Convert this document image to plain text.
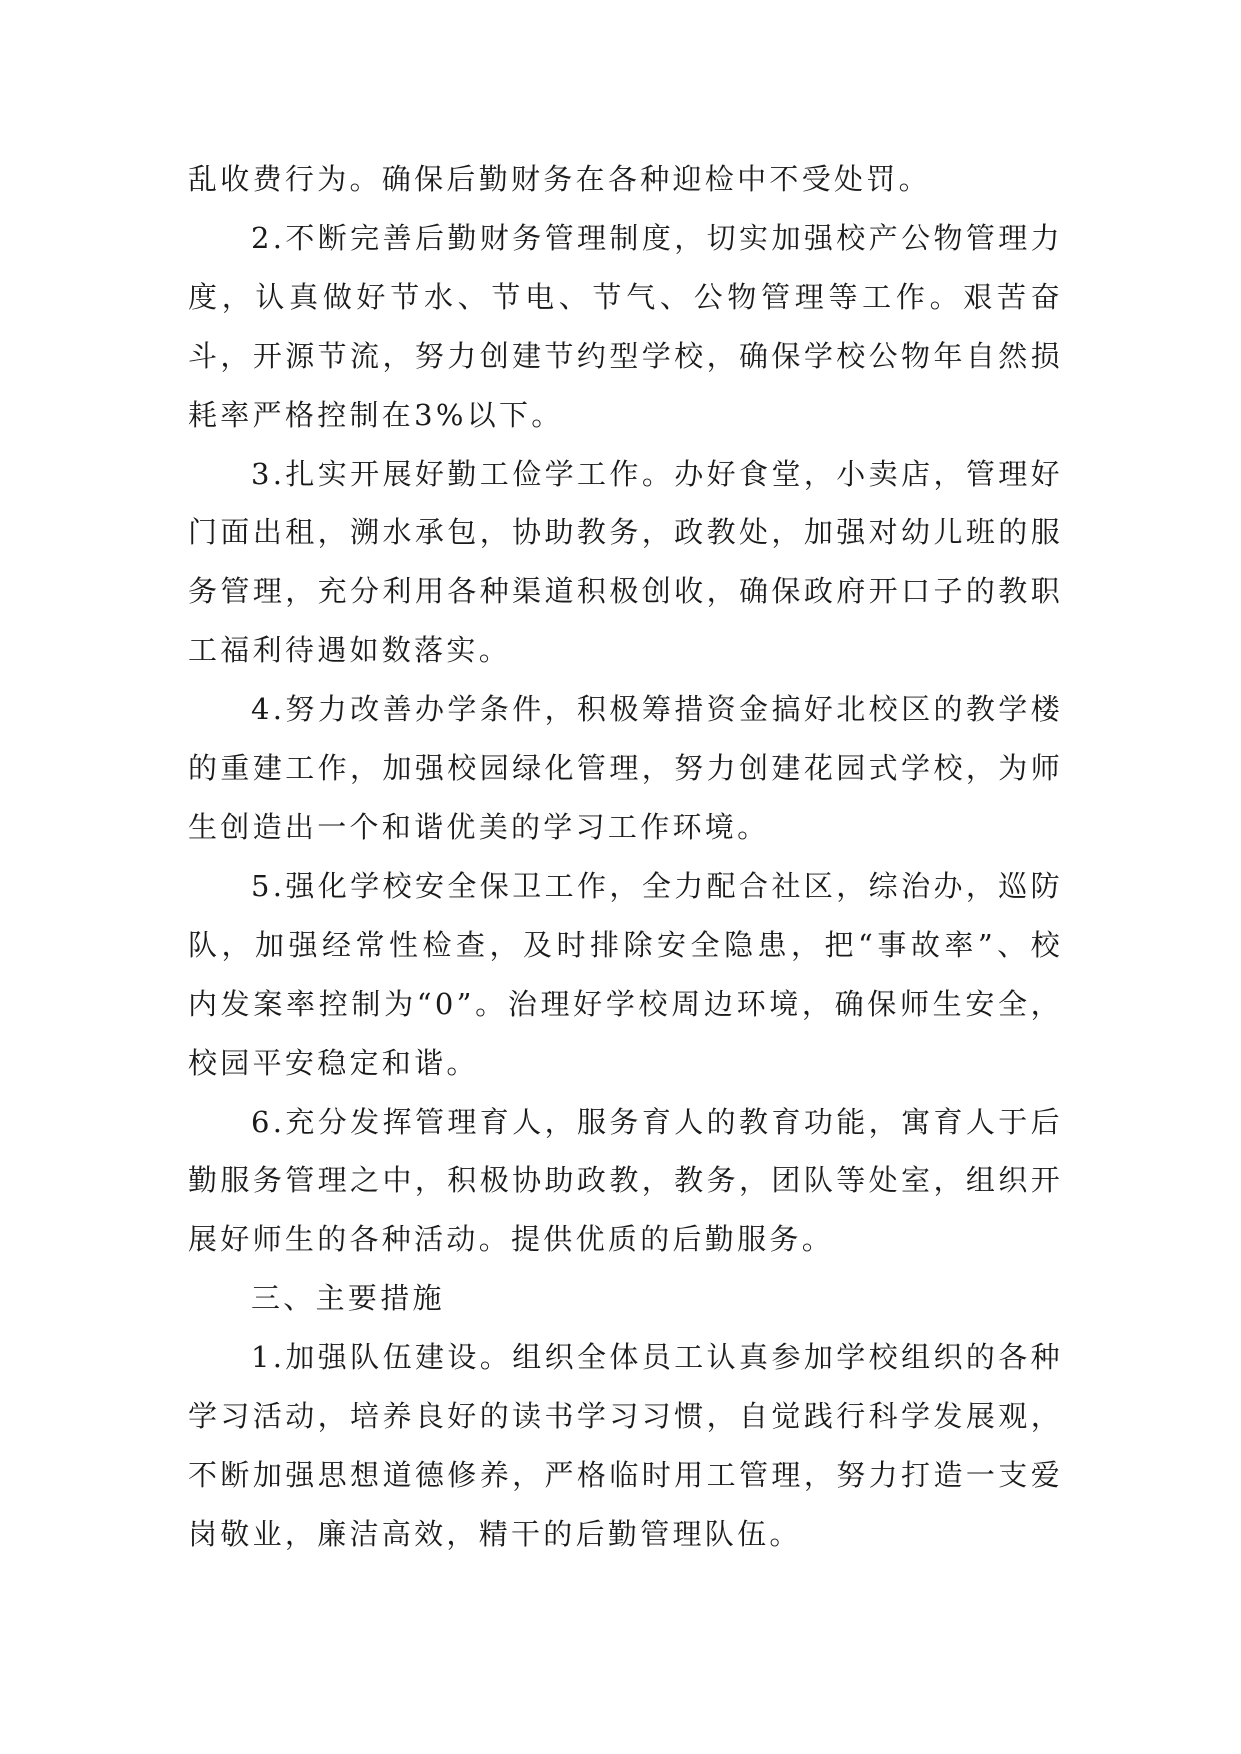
乱收费行为。确保后勤财务在各种迎检中不受处罚。

2.不断完善后勤财务管理制度，切实加强校产公物管理力度，认真做好节水、节电、节气、公物管理等工作。艰苦奋斗，开源节流，努力创建节约型学校，确保学校公物年自然损耗率严格控制在3%以下。

3.扎实开展好勤工俭学工作。办好食堂，小卖店，管理好门面出租，溯水承包，协助教务，政教处，加强对幼儿班的服务管理，充分利用各种渠道积极创收，确保政府开口子的教职工福利待遇如数落实。

4.努力改善办学条件，积极筹措资金搞好北校区的教学楼的重建工作，加强校园绿化管理，努力创建花园式学校，为师生创造出一个和谐优美的学习工作环境。

5.强化学校安全保卫工作，全力配合社区，综治办，巡防队，加强经常性检查，及时排除安全隐患，把“事故率”、校内发案率控制为“0”。治理好学校周边环境，确保师生安全，校园平安稳定和谐。

6.充分发挥管理育人，服务育人的教育功能，寓育人于后勤服务管理之中，积极协助政教，教务，团队等处室，组织开展好师生的各种活动。提供优质的后勤服务。

三、主要措施

1.加强队伍建设。组织全体员工认真参加学校组织的各种学习活动，培养良好的读书学习习惯，自觉践行科学发展观，不断加强思想道德修养，严格临时用工管理，努力打造一支爱岗敬业，廉洁高效，精干的后勤管理队伍。
